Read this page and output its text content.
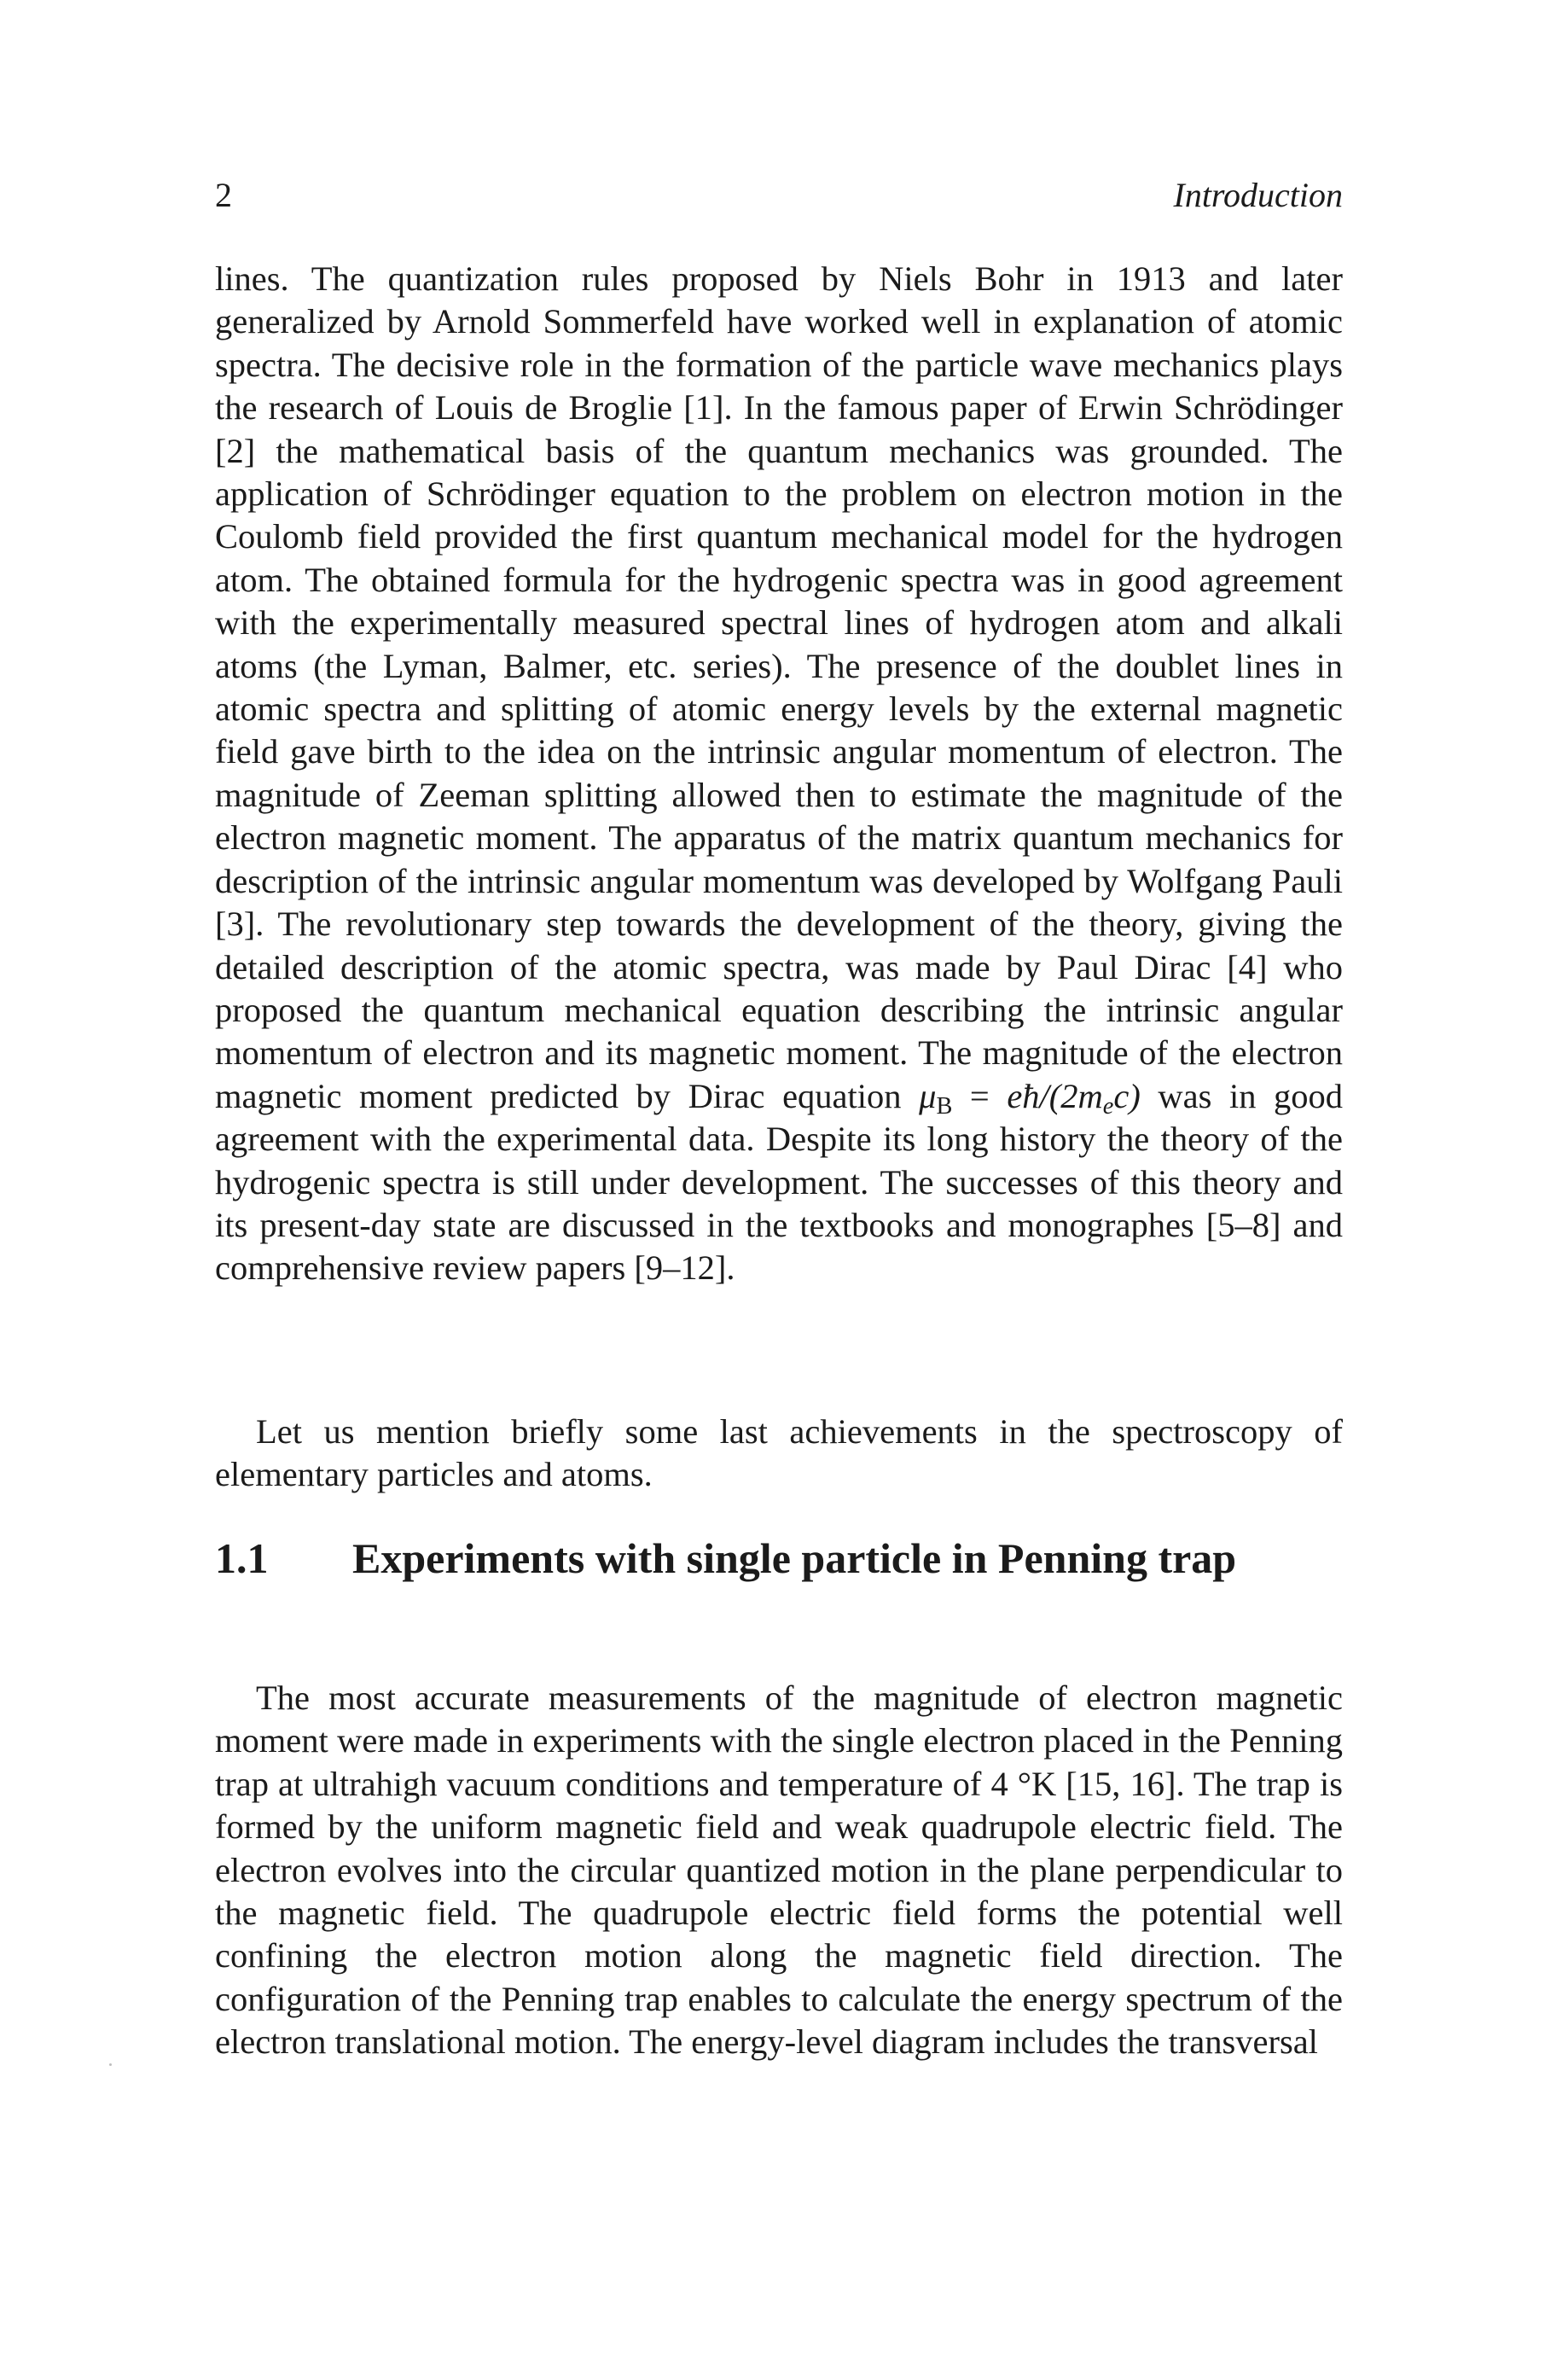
2	Introduction
lines. The quantization rules proposed by Niels Bohr in 1913 and later generalized by Arnold Sommerfeld have worked well in explanation of atomic spectra. The decisive role in the formation of the particle wave mechanics plays the research of Louis de Broglie [1]. In the famous paper of Erwin Schrödinger [2] the mathematical basis of the quantum mechanics was grounded. The application of Schrödinger equation to the problem on electron motion in the Coulomb field provided the first quantum mechanical model for the hydrogen atom. The obtained formula for the hydrogenic spectra was in good agreement with the experimentally measured spectral lines of hydrogen atom and alkali atoms (the Lyman, Balmer, etc. series). The presence of the doublet lines in atomic spectra and splitting of atomic energy levels by the external magnetic field gave birth to the idea on the intrinsic angular momentum of electron. The magnitude of Zeeman splitting allowed then to estimate the magnitude of the electron magnetic moment. The apparatus of the matrix quantum mechanics for description of the intrinsic angular momentum was developed by Wolfgang Pauli [3]. The revolutionary step towards the development of the theory, giving the detailed description of the atomic spectra, was made by Paul Dirac [4] who proposed the quantum mechanical equation describing the intrinsic angular momentum of electron and its magnetic moment. The magnitude of the electron magnetic moment predicted by Dirac equation $\mu_B$ = $eħ/(2m_ec)$ was in good agreement with the experimental data. Despite its long history the theory of the hydrogenic spectra is still under development. The successes of this theory and its present-day state are discussed in the textbooks and monographes [5–8] and comprehensive review papers [9–12].
Let us mention briefly some last achievements in the spectroscopy of elementary particles and atoms.
1.1 Experiments with single particle in Penning trap
The most accurate measurements of the magnitude of electron magnetic moment were made in experiments with the single electron placed in the Penning trap at ultrahigh vacuum conditions and temperature of 4 °K [15, 16]. The trap is formed by the uniform magnetic field and weak quadrupole electric field. The electron evolves into the circular quantized motion in the plane perpendicular to the magnetic field. The quadrupole electric field forms the potential well confining the electron motion along the magnetic field direction. The configuration of the Penning trap enables to calculate the energy spectrum of the electron translational motion. The energy-level diagram includes the transversal
